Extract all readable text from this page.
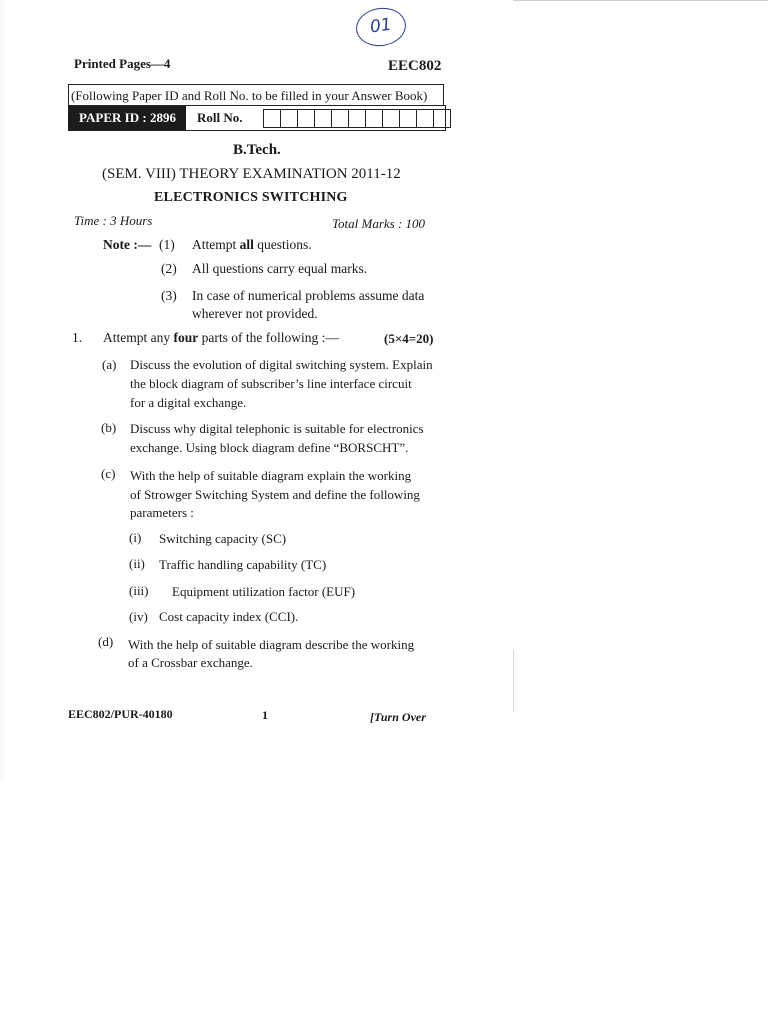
01
Printed Pages—4	EEC802
(Following Paper ID and Roll No. to be filled in your Answer Book)
PAPER ID : 2896	Roll No.
B.Tech.
(SEM. VIII) THEORY EXAMINATION 2011-12
ELECTRONICS SWITCHING
Time : 3 Hours	Total Marks : 100
Note :— (1) Attempt all questions.
(2) All questions carry equal marks.
(3) In case of numerical problems assume data
wherever not provided.
1. Attempt any four parts of the following :—	(5×4=20)
(a) Discuss the evolution of digital switching system. Explain
the block diagram of subscriber’s line interface circuit
for a digital exchange.
(b) Discuss why digital telephonic is suitable for electronics
exchange. Using block diagram define “BORSCHT”.
(c) With the help of suitable diagram explain the working
of Strowger Switching System and define the following
parameters :
(i) Switching capacity (SC)
(ii) Traffic handling capability (TC)
(iii) Equipment utilization factor (EUF)
(iv) Cost capacity index (CCI).
(d) With the help of suitable diagram describe the working
of a Crossbar exchange.
EEC802/PUR-40180	1	[Turn Over
